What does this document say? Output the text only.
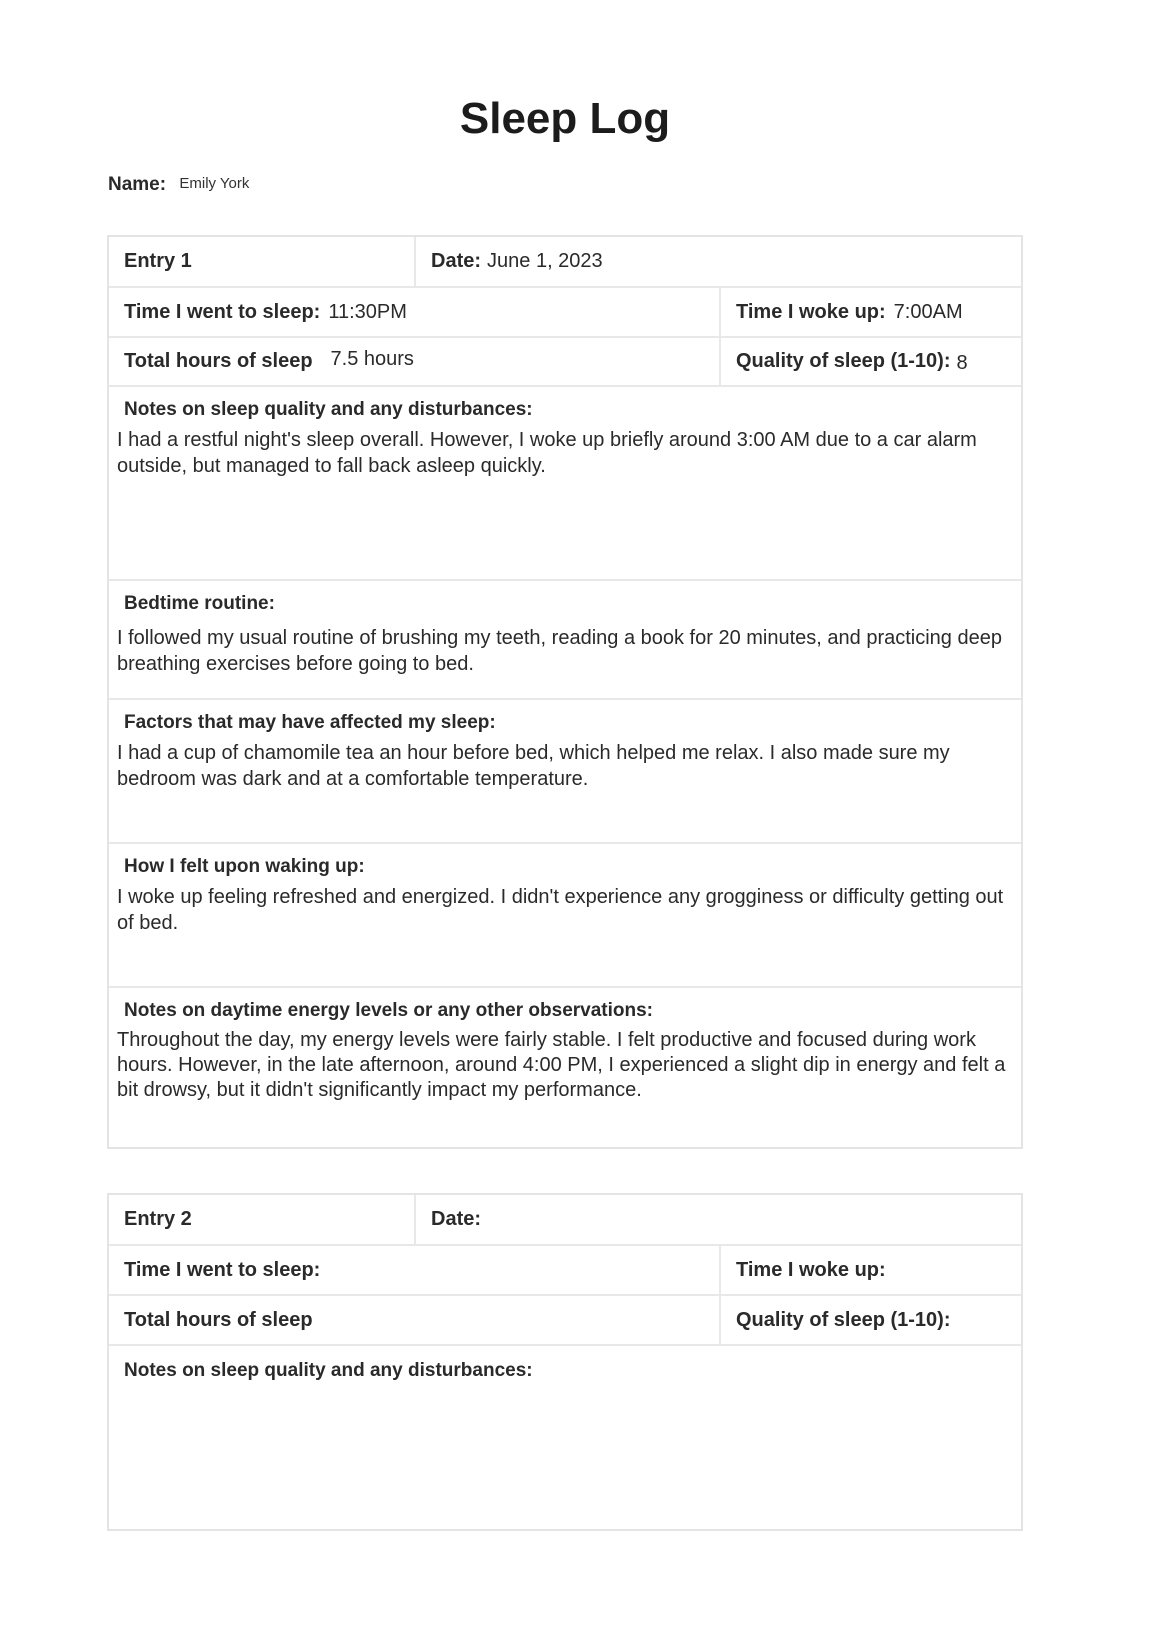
Sleep Log
Name: Emily York
Entry 1	Date: June 1, 2023
Time I went to sleep: 11:30PM	Time I woke up: 7:00AM
Total hours of sleep 7.5 hours	Quality of sleep (1-10): 8
Notes on sleep quality and any disturbances:
I had a restful night's sleep overall. However, I woke up briefly around 3:00 AM due to a car alarm outside, but managed to fall back asleep quickly.
Bedtime routine:
I followed my usual routine of brushing my teeth, reading a book for 20 minutes, and practicing deep breathing exercises before going to bed.
Factors that may have affected my sleep:
I had a cup of chamomile tea an hour before bed, which helped me relax. I also made sure my bedroom was dark and at a comfortable temperature.
How I felt upon waking up:
I woke up feeling refreshed and energized. I didn't experience any grogginess or difficulty getting out of bed.
Notes on daytime energy levels or any other observations:
Throughout the day, my energy levels were fairly stable. I felt productive and focused during work hours. However, in the late afternoon, around 4:00 PM, I experienced a slight dip in energy and felt a bit drowsy, but it didn't significantly impact my performance.
Entry 2	Date:
Time I went to sleep:	Time I woke up:
Total hours of sleep	Quality of sleep (1-10):
Notes on sleep quality and any disturbances:
